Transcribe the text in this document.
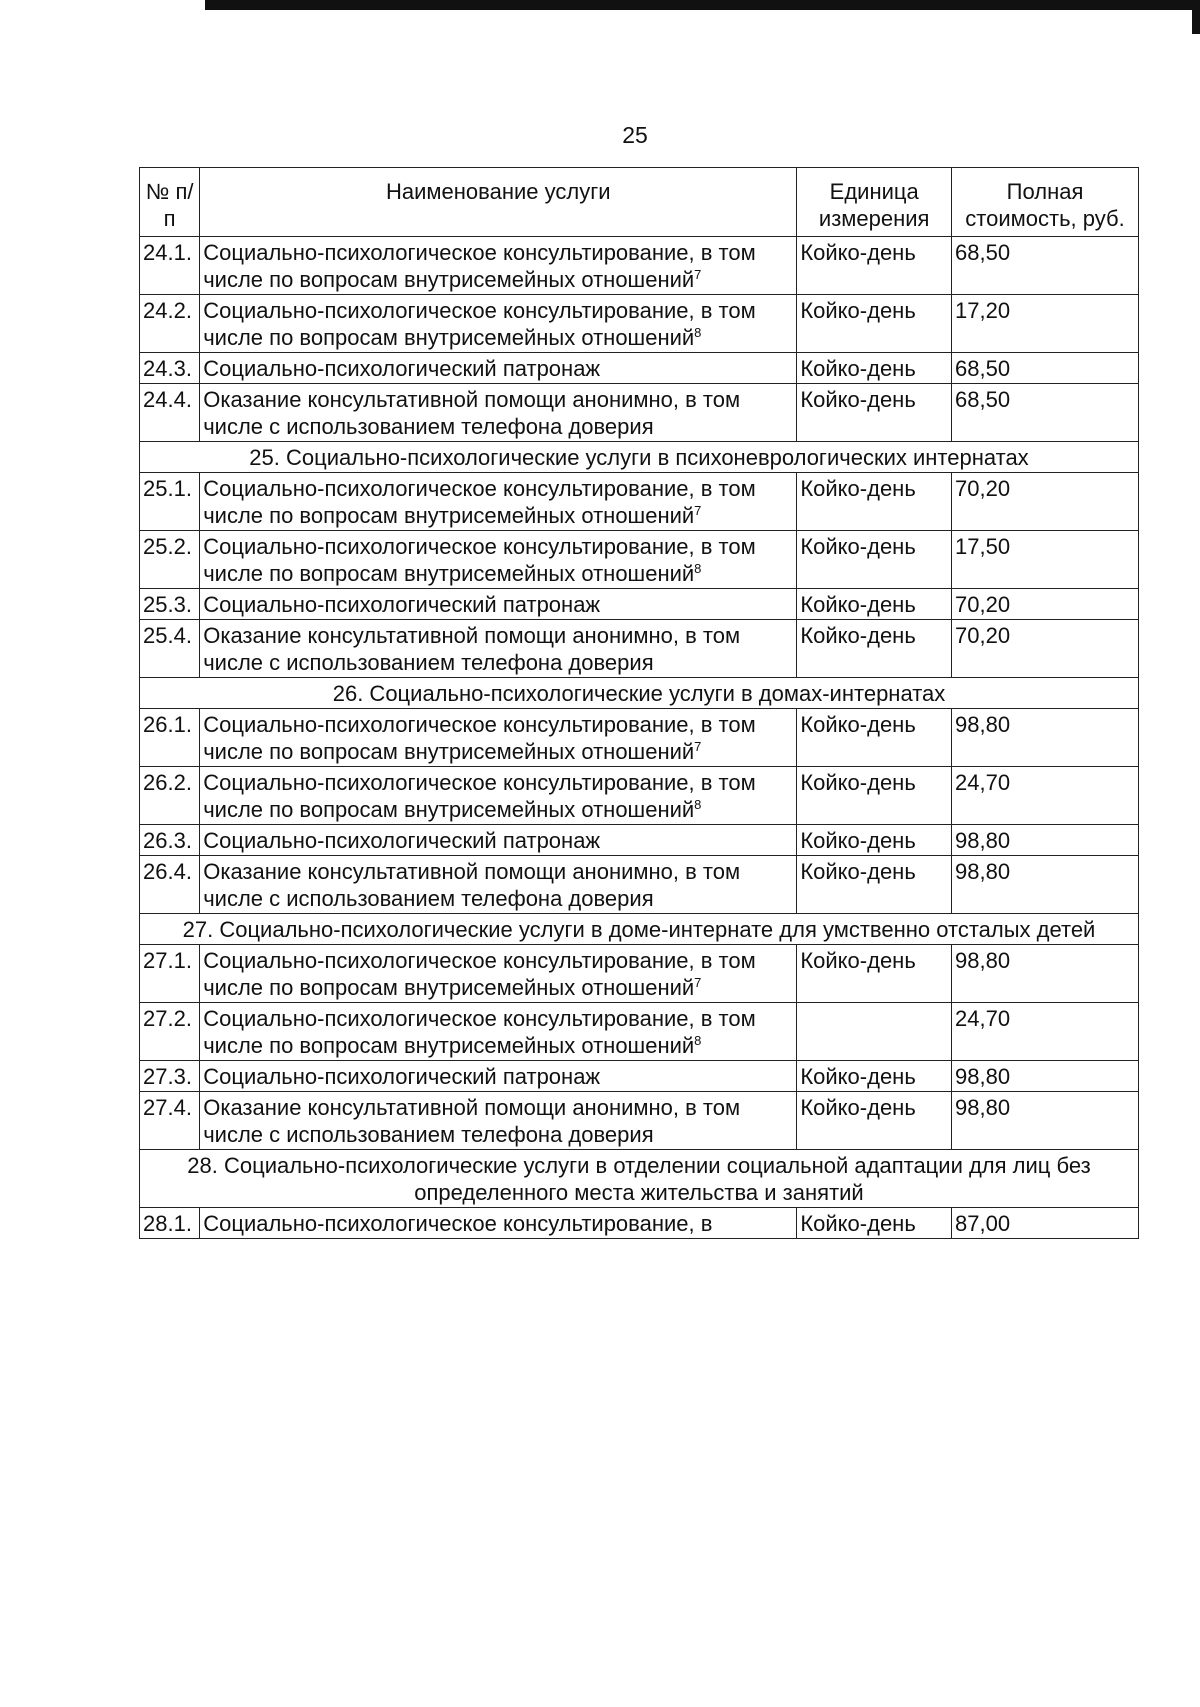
25
№ п/п	Наименование услуги	Единица измерения	Полная стоимость, руб.
24.1.	Социально-психологическое консультирование, в том числе по вопросам внутрисемейных отношений$^7$	Койко-день	68,50
24.2.	Социально-психологическое консультирование, в том числе по вопросам внутрисемейных отношений$^8$	Койко-день	17,20
24.3.	Социально-психологический патронаж	Койко-день	68,50
24.4.	Оказание консультативной помощи анонимно, в том числе с использованием телефона доверия	Койко-день	68,50
25. Социально-психологические услуги в психоневрологических интернатах			
25.1.	Социально-психологическое консультирование, в том числе по вопросам внутрисемейных отношений$^7$	Койко-день	70,20
25.2.	Социально-психологическое консультирование, в том числе по вопросам внутрисемейных отношений$^8$	Койко-день	17,50
25.3.	Социально-психологический патронаж	Койко-день	70,20
25.4.	Оказание консультативной помощи анонимно, в том числе с использованием телефона доверия	Койко-день	70,20
26. Социально-психологические услуги в домах-интернатах			
26.1.	Социально-психологическое консультирование, в том числе по вопросам внутрисемейных отношений$^7$	Койко-день	98,80
26.2.	Социально-психологическое консультирование, в том числе по вопросам внутрисемейных отношений$^8$	Койко-день	24,70
26.3.	Социально-психологический патронаж	Койко-день	98,80
26.4.	Оказание консультативной помощи анонимно, в том числе с использованием телефона доверия	Койко-день	98,80
27. Социально-психологические услуги в доме-интернате для умственно отсталых детей			
27.1.	Социально-психологическое консультирование, в том числе по вопросам внутрисемейных отношений$^7$	Койко-день	98,80
27.2.	Социально-психологическое консультирование, в том числе по вопросам внутрисемейных отношений$^8$		24,70
27.3.	Социально-психологический патронаж	Койко-день	98,80
27.4.	Оказание консультативной помощи анонимно, в том числе с использованием телефона доверия	Койко-день	98,80
28. Социально-психологические услуги в отделении социальной адаптации для лиц без определенного места жительства и занятий			
28.1.	Социально-психологическое консультирование, в	Койко-день	87,00
